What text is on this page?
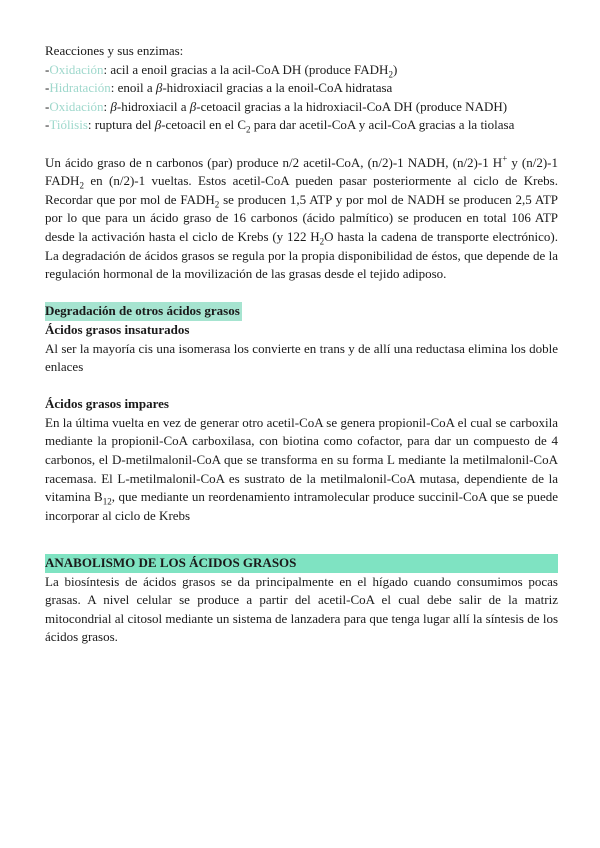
Reacciones y sus enzimas:
-Oxidación: acil a enoil gracias a la acil-CoA DH (produce $FADH_2$)
-Hidratación: enoil a β-hidroxiacil gracias a la enoil-CoA hidratasa
-Oxidación: β-hidroxiacil a β-cetoacil gracias a la hidroxiacil-CoA DH (produce NADH)
-Tiólisis: ruptura del β-cetoacil en el $C_2$ para dar acetil-CoA y acil-CoA gracias a la tiolasa

Un ácido graso de n carbonos (par) produce n/2 acetil-CoA, (n/2)-1 NADH, (n/2)-1 H+ y (n/2)-1 $FADH_2$ en (n/2)-1 vueltas. Estos acetil-CoA pueden pasar posteriormente al ciclo de Krebs. Recordar que por mol de $FADH_2$ se producen 1,5 ATP y por mol de NADH se producen 2,5 ATP por lo que para un ácido graso de 16 carbonos (ácido palmítico) se producen en total 106 ATP desde la activación hasta el ciclo de Krebs (y 122 $H_2O$ hasta la cadena de transporte electrónico). La degradación de ácidos grasos se regula por la propia disponibilidad de éstos, que depende de la regulación hormonal de la movilización de las grasas desde el tejido adiposo.

Degradación de otros ácidos grasos
Ácidos grasos insaturados

Al ser la mayoría cis una isomerasa los convierte en trans y de allí una reductasa elimina los doble enlaces

Ácidos grasos impares

En la última vuelta en vez de generar otro acetil-CoA se genera propionil-CoA el cual se carboxila mediante la propionil-CoA carboxilasa, con biotina como cofactor, para dar un compuesto de 4 carbonos, el D-metilmalonil-CoA que se transforma en su forma L mediante la metilmalonil-CoA racemasa. El L-metilmalonil-CoA es sustrato de la metilmalonil-CoA mutasa, dependiente de la vitamina $B_{12}$, que mediante un reordenamiento intramolecular produce succinil-CoA que se puede incorporar al ciclo de Krebs

ANABOLISMO DE LOS ÁCIDOS GRASOS

La biosíntesis de ácidos grasos se da principalmente en el hígado cuando consumimos pocas grasas. A nivel celular se produce a partir del acetil-CoA el cual debe salir de la matriz mitocondrial al citosol mediante un sistema de lanzadera para que tenga lugar allí la síntesis de los ácidos grasos.
